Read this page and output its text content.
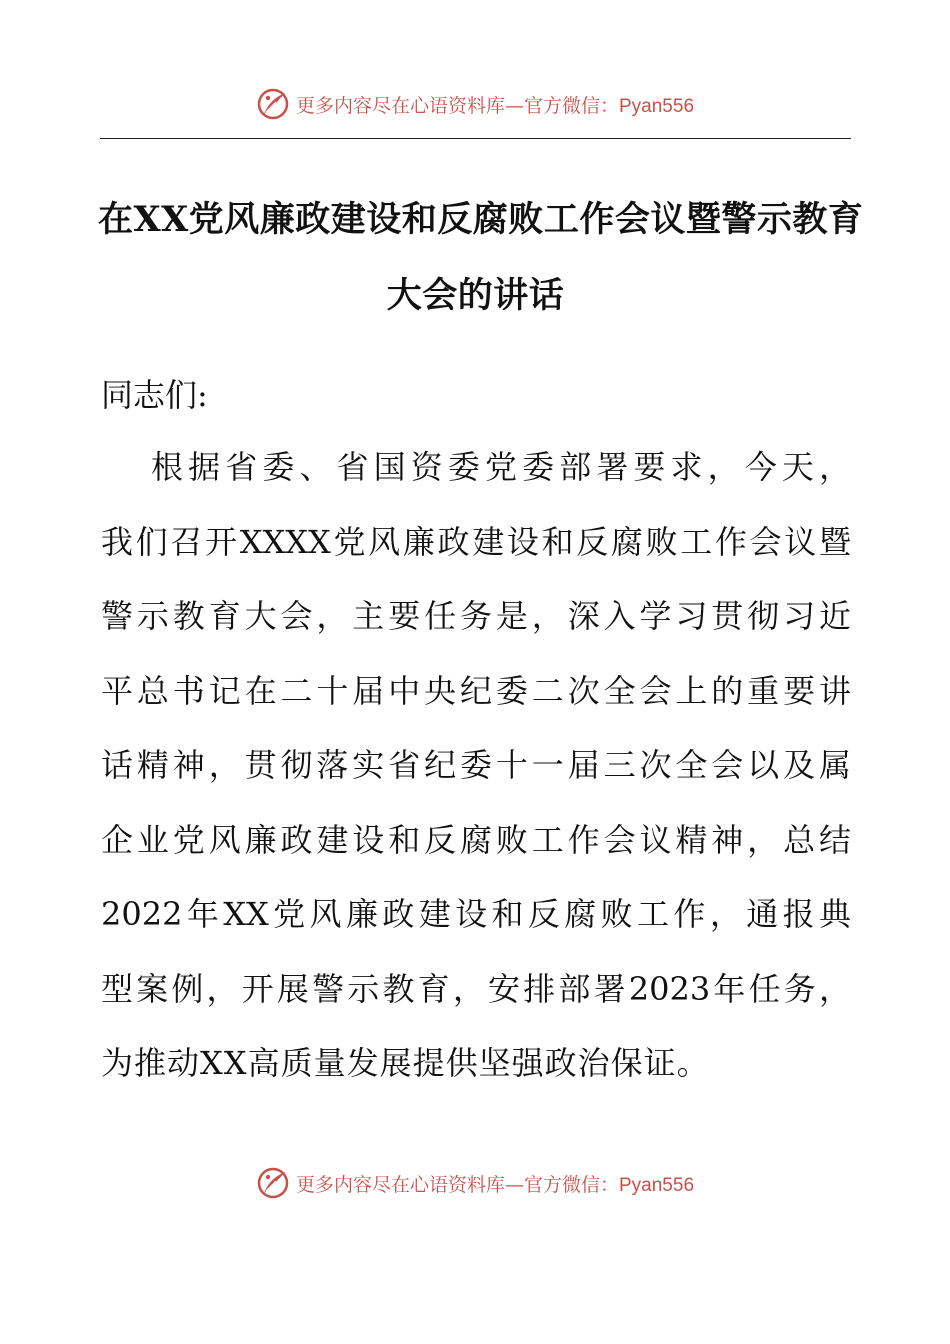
更多内容尽在心语资料库—官方微信：Pyan556
在XX党风廉政建设和反腐败工作会议暨警示教育
大会的讲话

同志们:

根据省委、省国资委党委部署要求，今天，
我们召开XXXX党风廉政建设和反腐败工作会议暨
警示教育大会，主要任务是，深入学习贯彻习近
平总书记在二十届中央纪委二次全会上的重要讲
话精神，贯彻落实省纪委十一届三次全会以及属
企业党风廉政建设和反腐败工作会议精神，总结
2022年XX党风廉政建设和反腐败工作，通报典
型案例，开展警示教育，安排部署2023年任务，
为推动XX高质量发展提供坚强政治保证。
更多内容尽在心语资料库—官方微信：Pyan556
